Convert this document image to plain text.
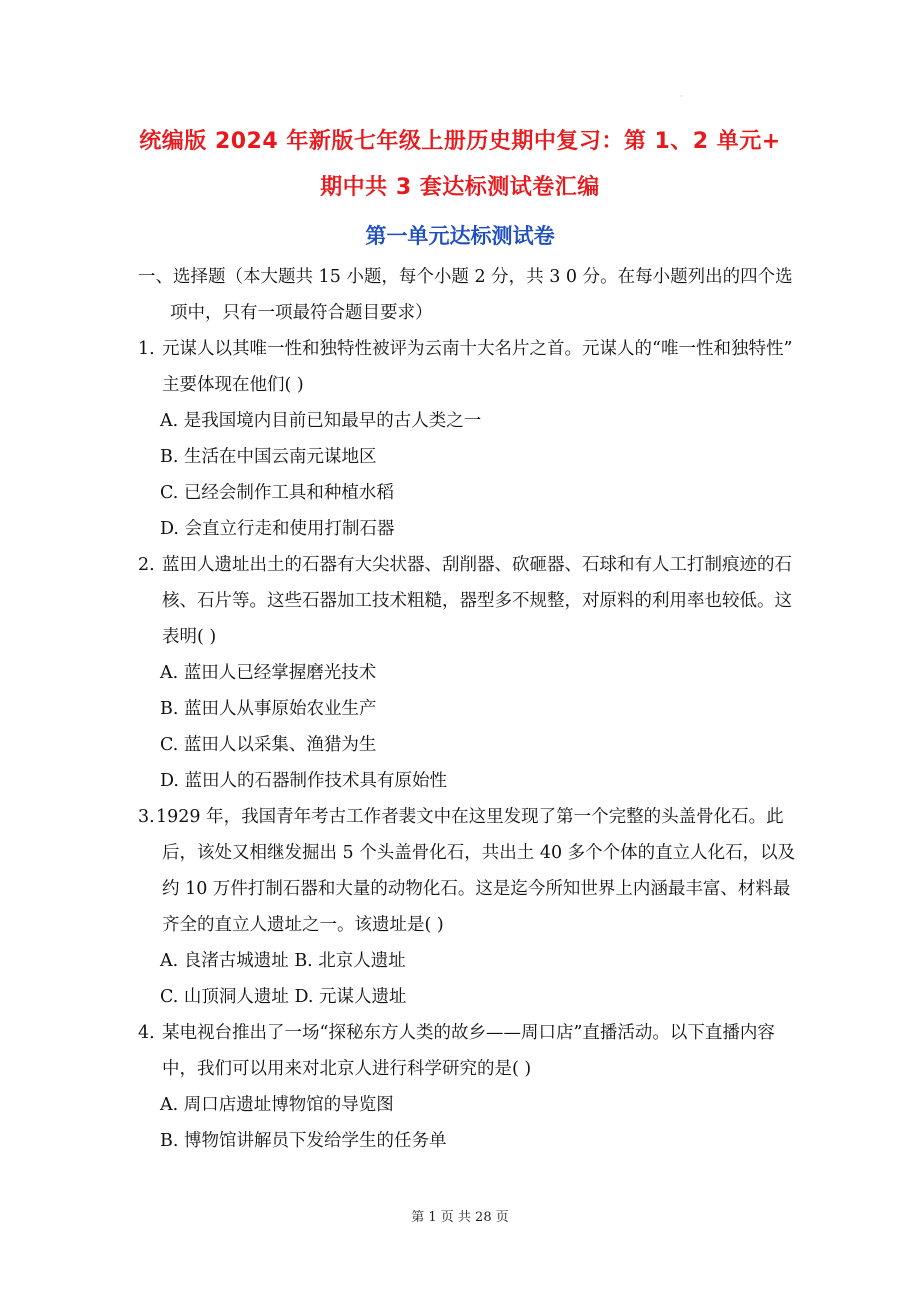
·
统编版 2024 年新版七年级上册历史期中复习：第 1、2 单元+
期中共 3 套达标测试卷汇编
第一单元达标测试卷
一、选择题（本大题共 15 小题，每个小题 2 分，共 3 0 分。在每小题列出的四个选
项中，只有一项最符合题目要求）
1. 元谋人以其唯一性和独特性被评为云南十大名片之首。元谋人的“唯一性和独特性”
主要体现在他们( )
A. 是我国境内目前已知最早的古人类之一
B. 生活在中国云南元谋地区
C. 已经会制作工具和种植水稻
D. 会直立行走和使用打制石器
2. 蓝田人遗址出土的石器有大尖状器、刮削器、砍砸器、石球和有人工打制痕迹的石
核、石片等。这些石器加工技术粗糙，器型多不规整，对原料的利用率也较低。这
表明( )
A. 蓝田人已经掌握磨光技术
B. 蓝田人从事原始农业生产
C. 蓝田人以采集、渔猎为生
D. 蓝田人的石器制作技术具有原始性
3. 1929 年，我国青年考古工作者裴文中在这里发现了第一个完整的头盖骨化石。此
后，该处又相继发掘出 5 个头盖骨化石，共出土 40 多个个体的直立人化石，以及
约 10 万件打制石器和大量的动物化石。这是迄今所知世界上内涵最丰富、材料最
齐全的直立人遗址之一。该遗址是( )
A. 良渚古城遗址 B. 北京人遗址
C. 山顶洞人遗址 D. 元谋人遗址
4. 某电视台推出了一场“探秘东方人类的故乡——周口店”直播活动。以下直播内容
中，我们可以用来对北京人进行科学研究的是( )
A. 周口店遗址博物馆的导览图
B. 博物馆讲解员下发给学生的任务单
第 1 页 共 28 页
